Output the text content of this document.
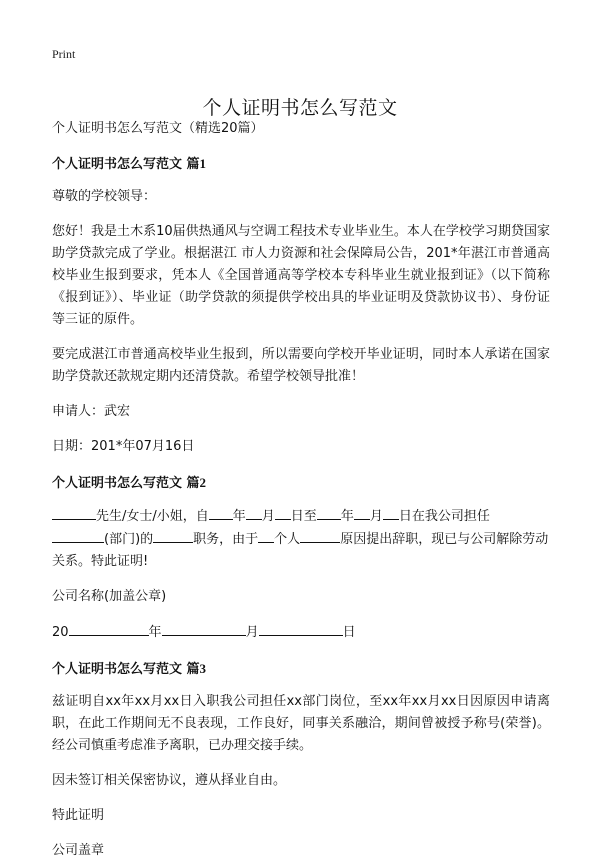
Print
个人证明书怎么写范文

个人证明书怎么写范文（精选20篇）

个人证明书怎么写范文 篇1

尊敬的学校领导：

您好！我是土木系10届供热通风与空调工程技术专业毕业生。本人在学校学习期贷国家助学贷款完成了学业。根据湛江 市人力资源和社会保障局公告，201*年湛江市普通高校毕业生报到要求，凭本人《全国普通高等学校本专科毕业生就业报到证》（以下简称《报到证》）、毕业证（助学贷款的须提供学校出具的毕业证明及贷款协议书）、身份证等三证的原件。

要完成湛江市普通高校毕业生报到，所以需要向学校开毕业证明，同时本人承诺在国家助学贷款还款规定期内还清贷款。希望学校领导批准！

申请人：武宏

日期：201*年07月16日

个人证明书怎么写范文 篇2
先生/女士/小姐，自 年 月 日至 年 月 日在我公司担任
(部门)的	职务，由于 个人	原因提出辞职，现已与公司解除劳动关系。特此证明!

公司名称(加盖公章)

20	年	月	日
个人证明书怎么写范文 篇3

兹证明自xx年xx月xx日入职我公司担任xx部门岗位，至xx年xx月xx日因原因申请离职，在此工作期间无不良表现，工作良好，同事关系融洽，期间曾被授予称号(荣誉)。经公司慎重考虑准予离职，已办理交接手续。

因未签订相关保密协议，遵从择业自由。

特此证明

公司盖章
